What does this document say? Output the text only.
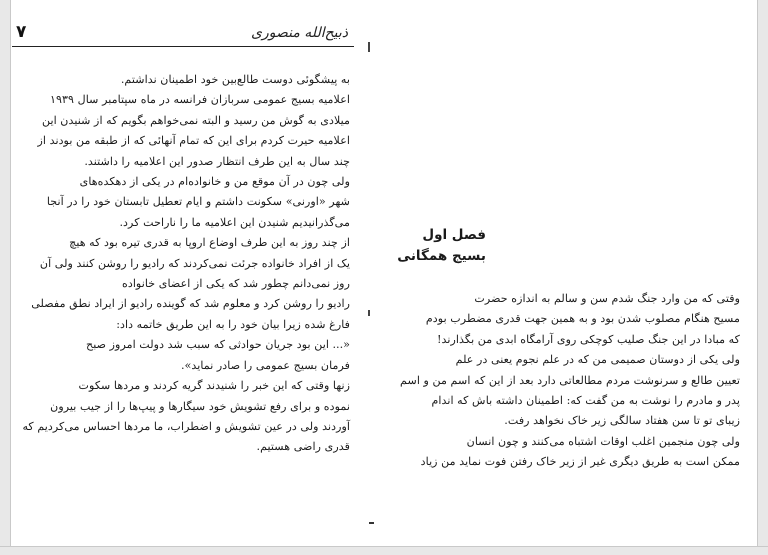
۷	ذبیح‌الله منصوری

به پیشگوئی دوست طالع‌بین خود اطمینان نداشتم.

اعلامیه بسیج عمومی سربازان فرانسه در ماه سپتامبر سال ۱۹۳۹

میلادی به گوش من رسید و البته نمی‌خواهم بگویم که از شنیدن این

اعلامیه حیرت کردم برای این که تمام آنهائی که از طبقه من بودند از

چند سال به این طرف انتظار صدور این اعلامیه را داشتند.

ولی چون در آن موقع من و خانواده‌ام در یکی از دهکده‌های

شهر «اورنی» سکونت داشتم و ایام تعطیل تابستان خود را در آنجا

می‌گذرانیدیم شنیدن این اعلامیه ما را ناراحت کرد.

از چند روز به این طرف اوضاع اروپا به قدری تیره بود که هیچ

یک از افراد خانواده جرئت نمی‌کردند که رادیو را روشن کنند ولی آن

روز نمی‌دانم چطور شد که یکی از اعضای خانواده

رادیو را روشن کرد و معلوم شد که گوینده رادیو از ایراد نطق مفصلی

فارغ شده زیرا بیان خود را به این طریق خاتمه داد:

«... این بود جریان حوادثی که سبب شد دولت امروز صبح

فرمان بسیج عمومی را صادر نماید».

زنها وقتی که این خبر را شنیدند گریه کردند و مردها سکوت

نموده و برای رفع تشویش خود سیگارها و پیپ‌ها را از جیب بیرون

آوردند ولی در عین تشویش و اضطراب، ما مردها احساس می‌کردیم که

قدری راضی هستیم.

فصل اول
بسیج همگانی

وقتی که من وارد جنگ شدم سن و سالم به اندازه حضرت

مسیح هنگام مصلوب شدن بود و به همین جهت قدری مضطرب بودم

که مبادا در این جنگ صلیب کوچکی روی آرامگاه ابدی من بگذارند!

ولی یکی از دوستان صمیمی من که در علم نجوم یعنی در علم

تعیین طالع و سرنوشت مردم مطالعاتی دارد بعد از این که اسم من و اسم

پدر و مادرم را نوشت به من گفت که: اطمینان داشته باش که اندام

زیبای تو تا سن هفتاد سالگی زیر خاک نخواهد رفت.

ولی چون منجمین اغلب اوقات اشتباه می‌کنند و چون انسان

ممکن است به طریق دیگری غیر از زیر خاک رفتن فوت نماید من زیاد
